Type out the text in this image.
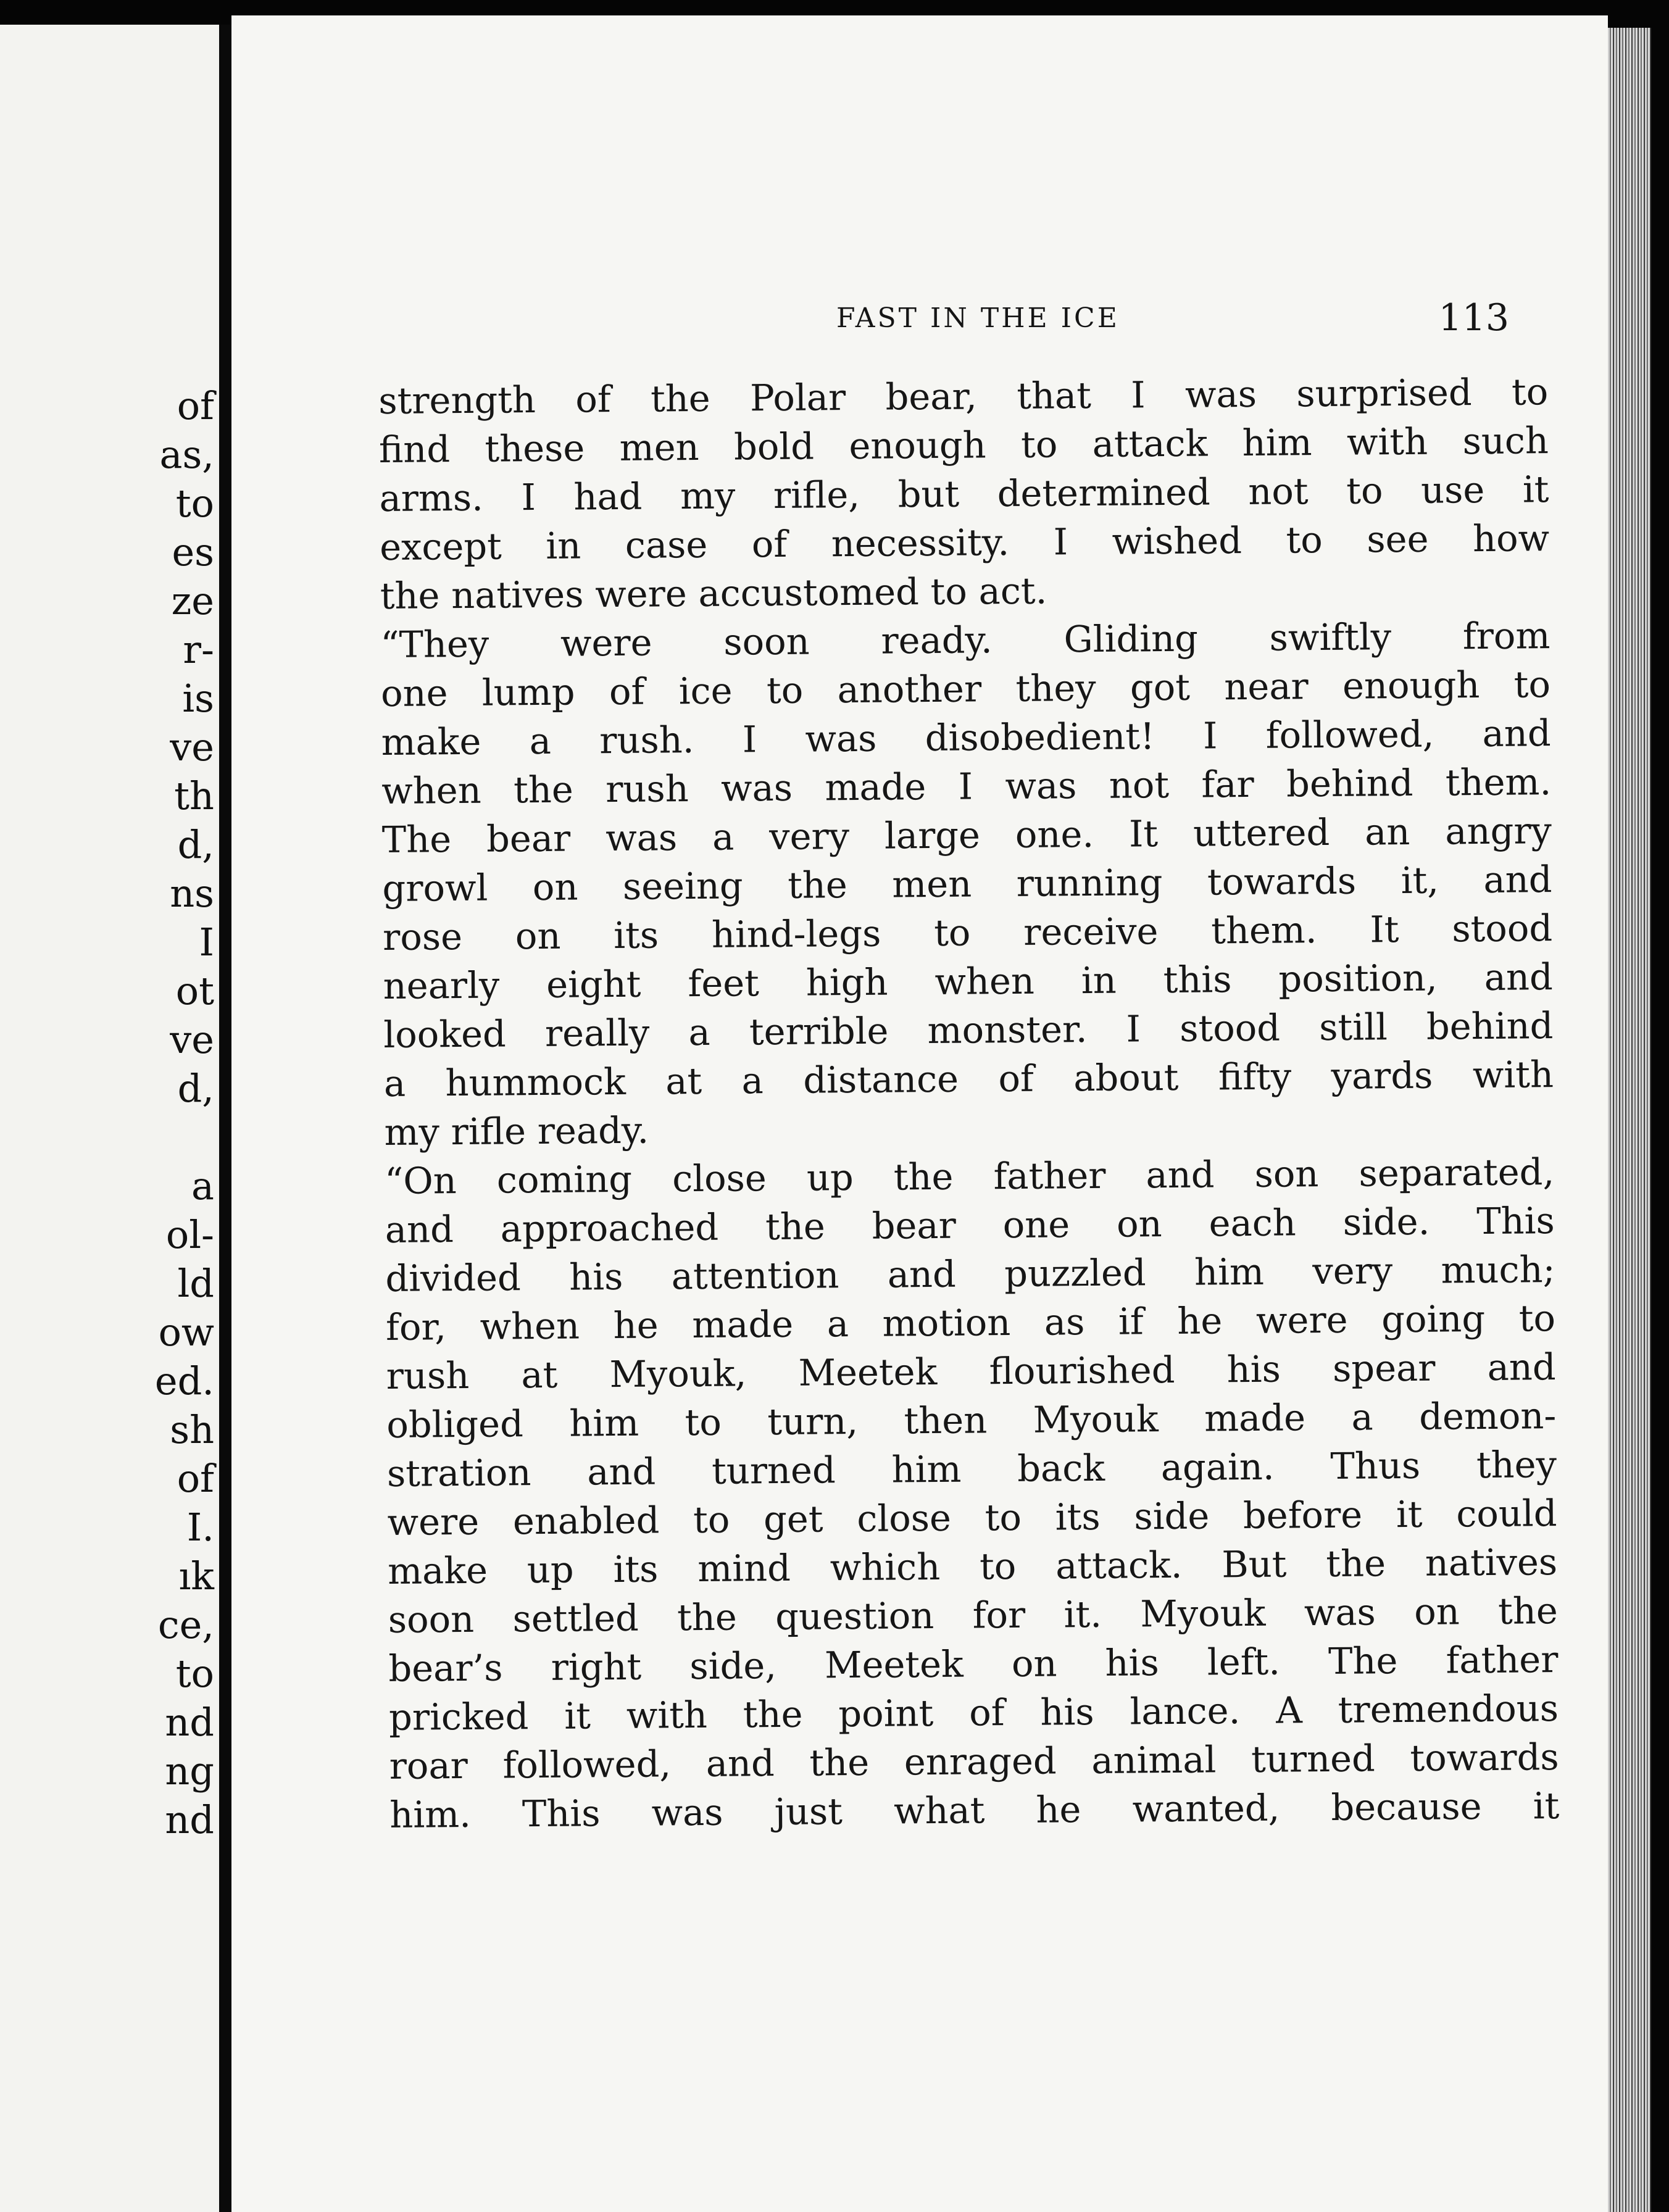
of
as,
to
es
ze
r-
is
ve
th
d,
ns
I
ot
ve
d,
a
ol-
ld
ow
ed.
sh
of
I.
ık
ce,
to
nd
ng
nd
FAST IN THE ICE	113
strength of the Polar bear, that I was surprised to
find these men bold enough to attack him with such
arms. I had my rifle, but determined not to use it
except in case of necessity. I wished to see how
the natives were accustomed to act.
“They were soon ready. Gliding swiftly from
one lump of ice to another they got near enough to
make a rush. I was disobedient! I followed, and
when the rush was made I was not far behind them.
The bear was a very large one. It uttered an angry
growl on seeing the men running towards it, and
rose on its hind-legs to receive them. It stood
nearly eight feet high when in this position, and
looked really a terrible monster. I stood still behind
a hummock at a distance of about fifty yards with
my rifle ready.
“On coming close up the father and son separated,
and approached the bear one on each side. This
divided his attention and puzzled him very much;
for, when he made a motion as if he were going to
rush at Myouk, Meetek flourished his spear and
obliged him to turn, then Myouk made a demon-
stration and turned him back again. Thus they
were enabled to get close to its side before it could
make up its mind which to attack. But the natives
soon settled the question for it. Myouk was on the
bear’s right side, Meetek on his left. The father
pricked it with the point of his lance. A tremendous
roar followed, and the enraged animal turned towards
him. This was just what he wanted, because it
